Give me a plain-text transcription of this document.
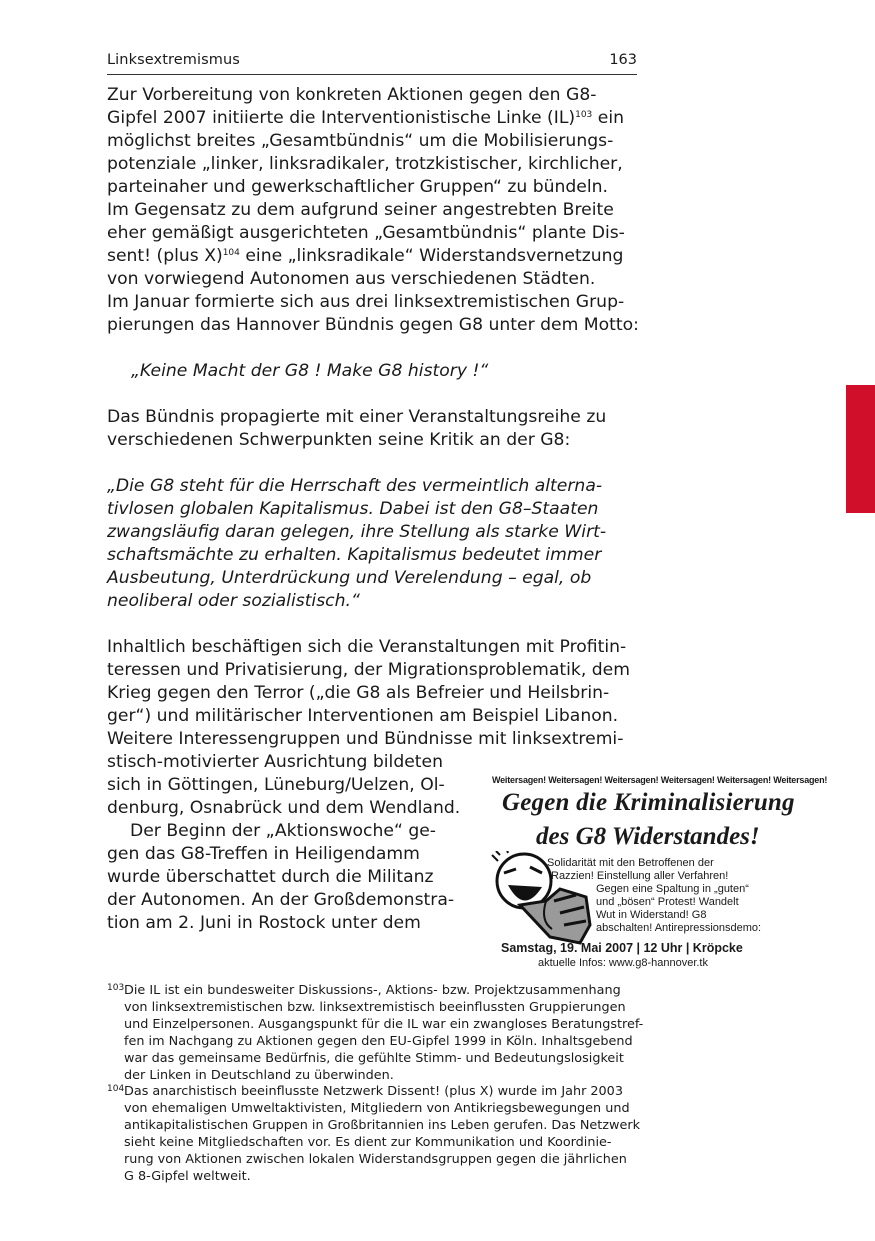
Linksextremismus	163
Zur Vorbereitung von konkreten Aktionen gegen den G8-
Gipfel 2007 initiierte die Interventionistische Linke (IL)$^{103}$ ein
möglichst breites „Gesamtbündnis“ um die Mobilisierungs-
potenziale „linker, linksradikaler, trotzkistischer, kirchlicher,
parteinaher und gewerkschaftlicher Gruppen“ zu bündeln.
Im Gegensatz zu dem aufgrund seiner angestrebten Breite
eher gemäßigt ausgerichteten „Gesamtbündnis“ plante Dis-
sent! (plus X)$^{104}$ eine „linksradikale“ Widerstandsvernetzung
von vorwiegend Autonomen aus verschiedenen Städten.
Im Januar formierte sich aus drei linksextremistischen Grup-
pierungen das Hannover Bündnis gegen G8 unter dem Motto:
„Keine Macht der G8 ! Make G8 history !“
Das Bündnis propagierte mit einer Veranstaltungsreihe zu
verschiedenen Schwerpunkten seine Kritik an der G8:
„Die G8 steht für die Herrschaft des vermeintlich alterna-
tivlosen globalen Kapitalismus. Dabei ist den G8–Staaten
zwangsläufig daran gelegen, ihre Stellung als starke Wirt-
schaftsmächte zu erhalten. Kapitalismus bedeutet immer
Ausbeutung, Unterdrückung und Verelendung – egal, ob
neoliberal oder sozialistisch.“
Inhaltlich beschäftigen sich die Veranstaltungen mit Profitin-
teressen und Privatisierung, der Migrationsproblematik, dem
Krieg gegen den Terror („die G8 als Befreier und Heilsbrin-
ger“) und militärischer Interventionen am Beispiel Libanon.
Weitere Interessengruppen und Bündnisse mit linksextremi-
stisch-motivierter Ausrichtung bildeten
sich in Göttingen, Lüneburg/Uelzen, Ol-
denburg, Osnabrück und dem Wendland.
Der Beginn der „Aktionswoche“ ge-
gen das G8-Treffen in Heiligendamm
wurde überschattet durch die Militanz
der Autonomen. An der Großdemonstra-
tion am 2. Juni in Rostock unter dem
Weitersagen! Weitersagen! Weitersagen! Weitersagen! Weitersagen! Weitersagen!
Gegen die Kriminalisierung
des G8 Widerstandes!
Solidarität mit den Betroffenen der
Razzien! Einstellung aller Verfahren!
Gegen eine Spaltung in „guten“
und „bösen“ Protest! Wandelt
Wut in Widerstand! G8
abschalten! Antirepressionsdemo:
Samstag, 19. Mai 2007 | 12 Uhr | Kröpcke
aktuelle Infos: www.g8-hannover.tk
103 Die IL ist ein bundesweiter Diskussions-, Aktions- bzw. Projektzusammenhang
von linksextremistischen bzw. linksextremistisch beeinflussten Gruppierungen
und Einzelpersonen. Ausgangspunkt für die IL war ein zwangloses Beratungstref-
fen im Nachgang zu Aktionen gegen den EU-Gipfel 1999 in Köln. Inhaltsgebend
war das gemeinsame Bedürfnis, die gefühlte Stimm- und Bedeutungslosigkeit
der Linken in Deutschland zu überwinden.
104 Das anarchistisch beeinflusste Netzwerk Dissent! (plus X) wurde im Jahr 2003
von ehemaligen Umweltaktivisten, Mitgliedern von Antikriegsbewegungen und
antikapitalistischen Gruppen in Großbritannien ins Leben gerufen. Das Netzwerk
sieht keine Mitgliedschaften vor. Es dient zur Kommunikation und Koordinie-
rung von Aktionen zwischen lokalen Widerstandsgruppen gegen die jährlichen
G 8-Gipfel weltweit.
